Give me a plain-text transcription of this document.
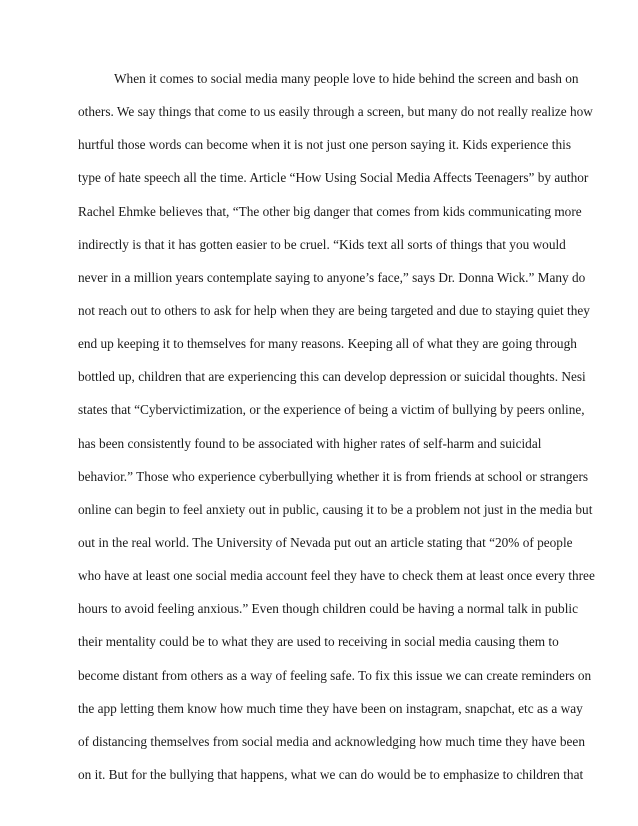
When it comes to social media many people love to hide behind the screen and bash on
others. We say things that come to us easily through a screen, but many do not really realize how
hurtful those words can become when it is not just one person saying it. Kids experience this
type of hate speech all the time. Article “How Using Social Media Affects Teenagers” by author
Rachel Ehmke believes that, “The other big danger that comes from kids communicating more
indirectly is that it has gotten easier to be cruel. “Kids text all sorts of things that you would
never in a million years contemplate saying to anyone’s face,” says Dr. Donna Wick.” Many do
not reach out to others to ask for help when they are being targeted and due to staying quiet they
end up keeping it to themselves for many reasons. Keeping all of what they are going through
bottled up, children that are experiencing this can develop depression or suicidal thoughts. Nesi
states that “Cybervictimization, or the experience of being a victim of bullying by peers online,
has been consistently found to be associated with higher rates of self-harm and suicidal
behavior.” Those who experience cyberbullying whether it is from friends at school or strangers
online can begin to feel anxiety out in public, causing it to be a problem not just in the media but
out in the real world. The University of Nevada put out an article stating that “20% of people
who have at least one social media account feel they have to check them at least once every three
hours to avoid feeling anxious.” Even though children could be having a normal talk in public
their mentality could be to what they are used to receiving in social media causing them to
become distant from others as a way of feeling safe. To fix this issue we can create reminders on
the app letting them know how much time they have been on instagram, snapchat, etc as a way
of distancing themselves from social media and acknowledging how much time they have been
on it. But for the bullying that happens, what we can do would be to emphasize to children that
